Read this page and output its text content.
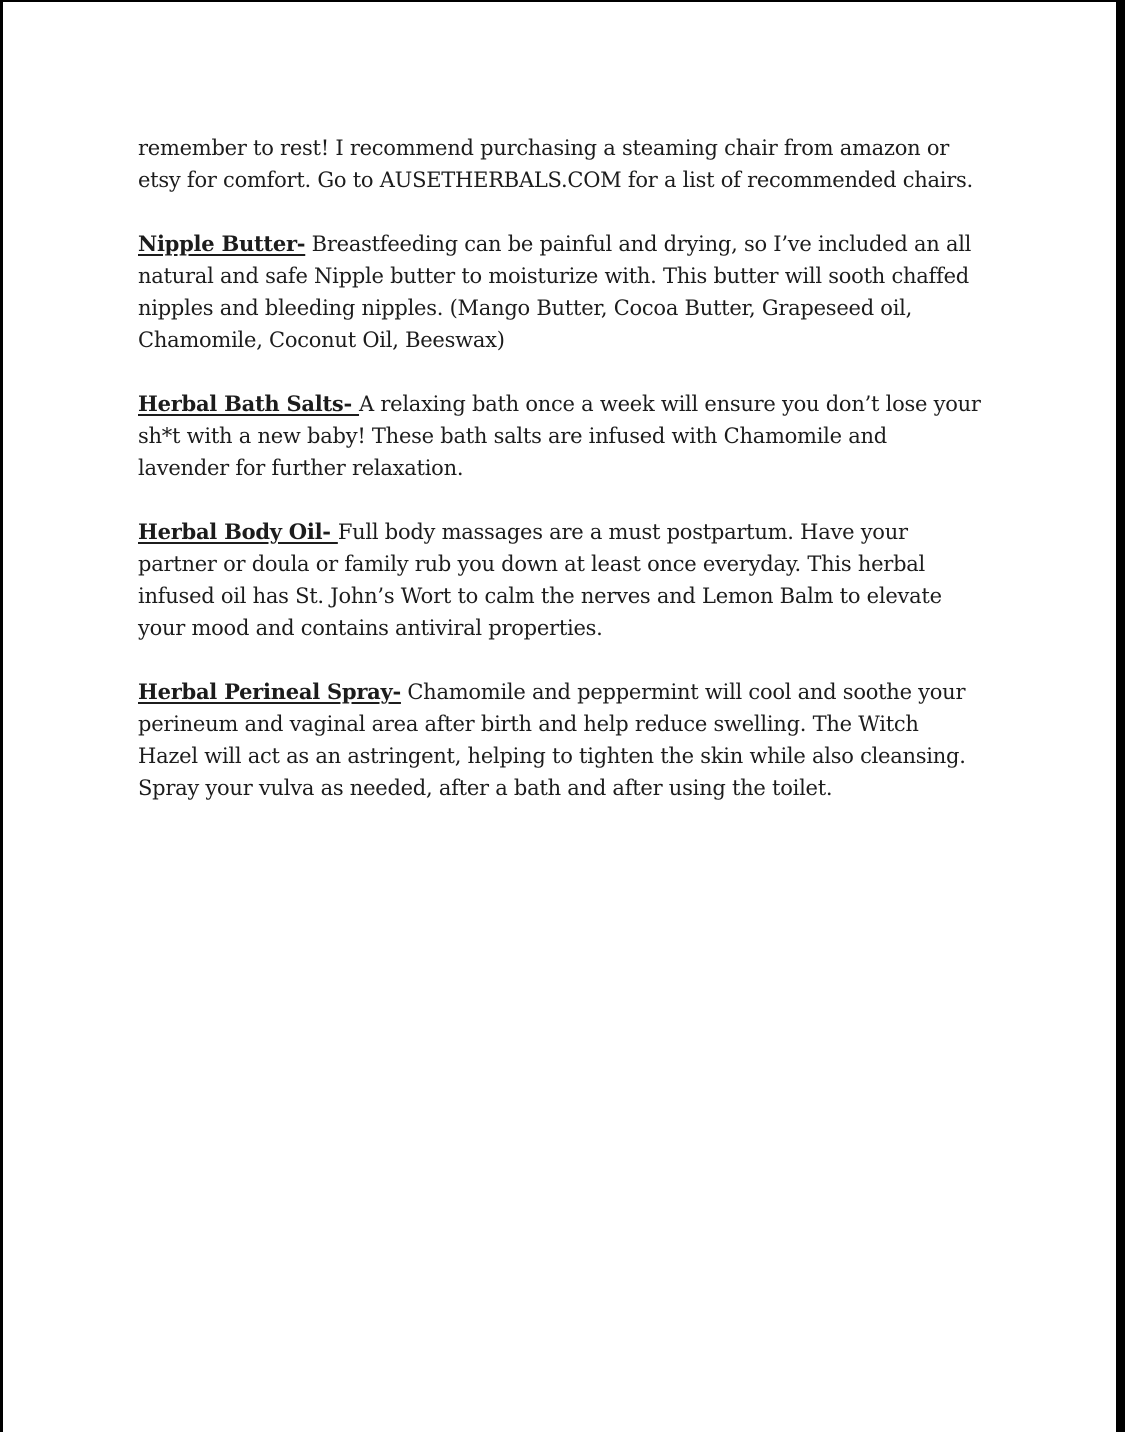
remember to rest! I recommend purchasing a steaming chair from amazon or etsy for comfort. Go to AUSETHERBALS.COM for a list of recommended chairs.

Nipple Butter- Breastfeeding can be painful and drying, so I’ve included an all natural and safe Nipple butter to moisturize with. This butter will sooth chaffed nipples and bleeding nipples. (Mango Butter, Cocoa Butter, Grapeseed oil, Chamomile, Coconut Oil, Beeswax)

Herbal Bath Salts- A relaxing bath once a week will ensure you don’t lose your sh*t with a new baby! These bath salts are infused with Chamomile and lavender for further relaxation.

Herbal Body Oil- Full body massages are a must postpartum. Have your partner or doula or family rub you down at least once everyday. This herbal infused oil has St. John’s Wort to calm the nerves and Lemon Balm to elevate your mood and contains antiviral properties.

Herbal Perineal Spray- Chamomile and peppermint will cool and soothe your perineum and vaginal area after birth and help reduce swelling. The Witch Hazel will act as an astringent, helping to tighten the skin while also cleansing. Spray your vulva as needed, after a bath and after using the toilet.
